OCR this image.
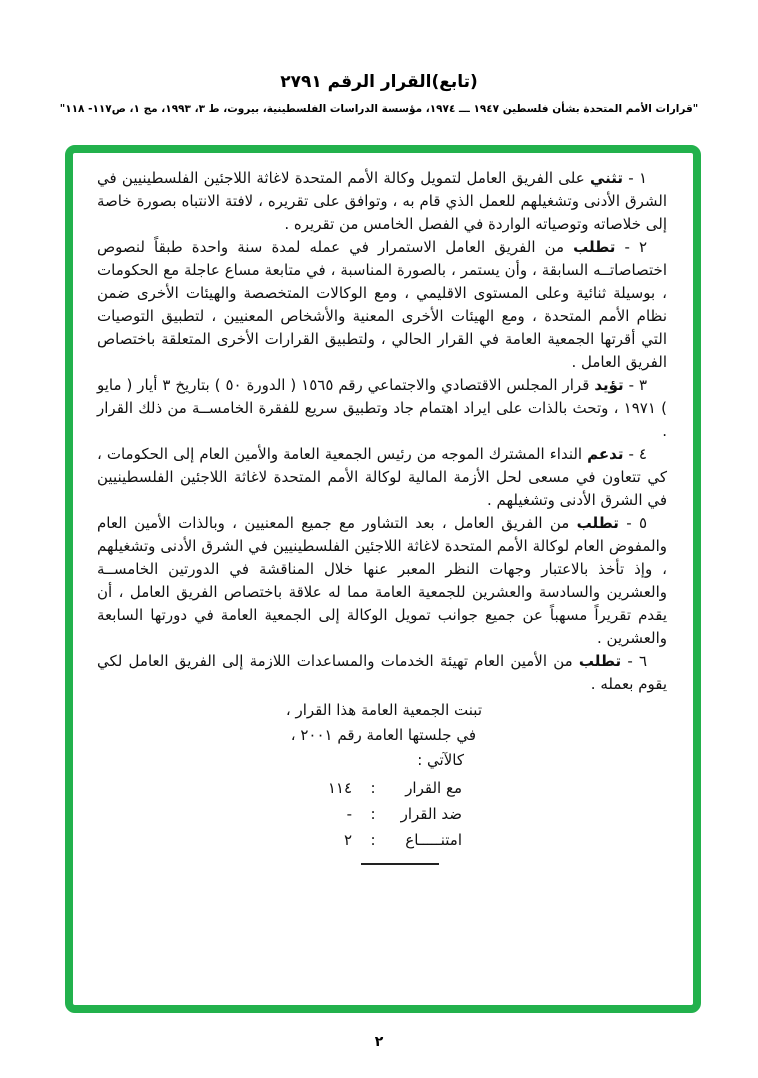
(تابع)القرار الرقم ٢٧٩١
"قرارات الأمم المتحدة بشأن فلسطين ١٩٤٧ ـــ ١٩٧٤، مؤسسة الدراسات الفلسطينية، بيروت، ط ٣، ١٩٩٣، مج ١، ص١١٧- ١١٨"

١ - تثني على الفريق العامل لتمويل وكالة الأمم المتحدة لاغاثة اللاجئين الفلسطينيين في الشرق الأدنى وتشغيلهم للعمل الذي قام به ، وتوافق على تقريره ، لافتة الانتباه بصورة خاصة إلى خلاصاته وتوصياته الواردة في الفصل الخامس من تقريره .

٢ - تطلب من الفريق العامل الاستمرار في عمله لمدة سنة واحدة طبقاً لنصوص اختصاصاتــه السابقة ، وأن يستمر ، بالصورة المناسبة ، في متابعة مساع عاجلة مع الحكومات ، بوسيلة ثنائية وعلى المستوى الاقليمي ، ومع الوكالات المتخصصة والهيئات الأخرى ضمن نظام الأمم المتحدة ، ومع الهيئات الأخرى المعنية والأشخاص المعنيين ، لتطبيق التوصيات التي أقرتها الجمعية العامة في القرار الحالي ، ولتطبيق القرارات الأخرى المتعلقة باختصاص الفريق العامل .

٣ - تؤيد قرار المجلس الاقتصادي والاجتماعي رقم ١٥٦٥ ( الدورة ٥٠ ) بتاريخ ٣ أيار ( مايو ) ١٩٧١ ، وتحث بالذات على ايراد اهتمام جاد وتطبيق سريع للفقرة الخامســة من ذلك القرار .

٤ - تدعم النداء المشترك الموجه من رئيس الجمعية العامة والأمين العام إلى الحكومات ، كي تتعاون في مسعى لحل الأزمة المالية لوكالة الأمم المتحدة لاغاثة اللاجئين الفلسطينيين في الشرق الأدنى وتشغيلهم .

٥ - تطلب من الفريق العامل ، بعد التشاور مع جميع المعنيين ، وبالذات الأمين العام والمفوض العام لوكالة الأمم المتحدة لاغاثة اللاجئين الفلسطينيين في الشرق الأدنى وتشغيلهم ، وإذ تأخذ بالاعتبار وجهات النظر المعبر عنها خلال المناقشة في الدورتين الخامســة والعشرين والسادسة والعشرين للجمعية العامة مما له علاقة باختصاص الفريق العامل ، أن يقدم تقريراً مسهباً عن جميع جوانب تمويل الوكالة إلى الجمعية العامة في دورتها السابعة والعشرين .

٦ - تطلب من الأمين العام تهيئة الخدمات والمساعدات اللازمة إلى الفريق العامل لكي يقوم بعمله .

تبنت الجمعية العامة هذا القرار ،
في جلستها العامة رقم ٢٠٠١ ،
كالآتي :
مع القرار
:
١١٤
ضد القرار
:
-
امتنـــــاع
:
٢
٢
